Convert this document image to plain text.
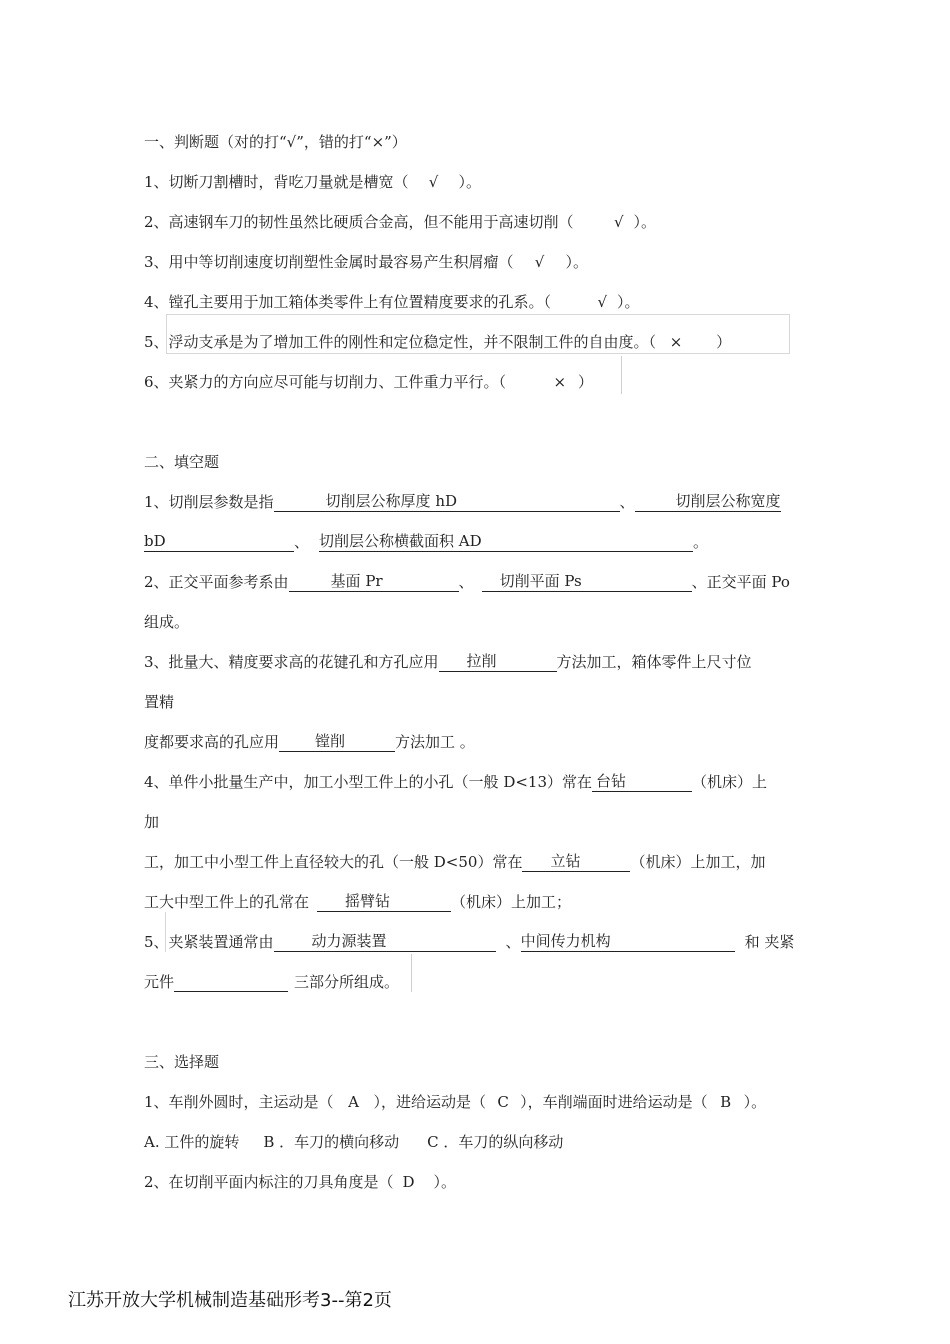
一、判断题（对的打“√”，错的打“×”）
1、切断刀割槽时，背吃刀量就是槽宽（ √ ）。
2、高速钢车刀的韧性虽然比硬质合金高，但不能用于高速切削（	√ ）。
3、用中等切削速度切削塑性金属时最容易产生积屑瘤（ √ ）。
4、镗孔主要用于加工箱体类零件上有位置精度要求的孔系。（	√ ）。
5、浮动支承是为了增加工件的刚性和定位稳定性，并不限制工件的自由度。（ × ）
6、夹紧力的方向应尽可能与切削力、工件重力平行。（	× ）
二、填空题
1、切削层参数是指	切削层公称厚度 hD	、	切削层公称宽度
bD	、 切削层公称横截面积 AD	。
2、正交平面参考系由	基面 Pr	、 切削平面 Ps	、正交平面 Po
组成。
3、批量大、精度要求高的花键孔和方孔应用 拉削	方法加工，箱体零件上尺寸位
置精
度都要求高的孔应用 镗削	方法加工 。
4、单件小批量生产中，加工小型工件上的小孔（一般 D<13）常在 台钻	（机床）上
加
工，加工中小型工件上直径较大的孔（一般 D<50）常在 立钻	（机床）上加工，加
工大中型工件上的孔常在 摇臂钻	（机床）上加工；
5、夹紧装置通常由	动力源装置	、中间传力机构	和 夹紧
元件	三部分所组成。
三、选择题
1、车削外圆时，主运动是（ A ），进给运动是（ C ），车削端面时进给运动是（ B ）。
A. 工件的旋转 B ．车刀的横向移动 C ．车刀的纵向移动
2、在切削平面内标注的刀具角度是（ D ）。
江苏开放大学机械制造基础形考3--第2页
